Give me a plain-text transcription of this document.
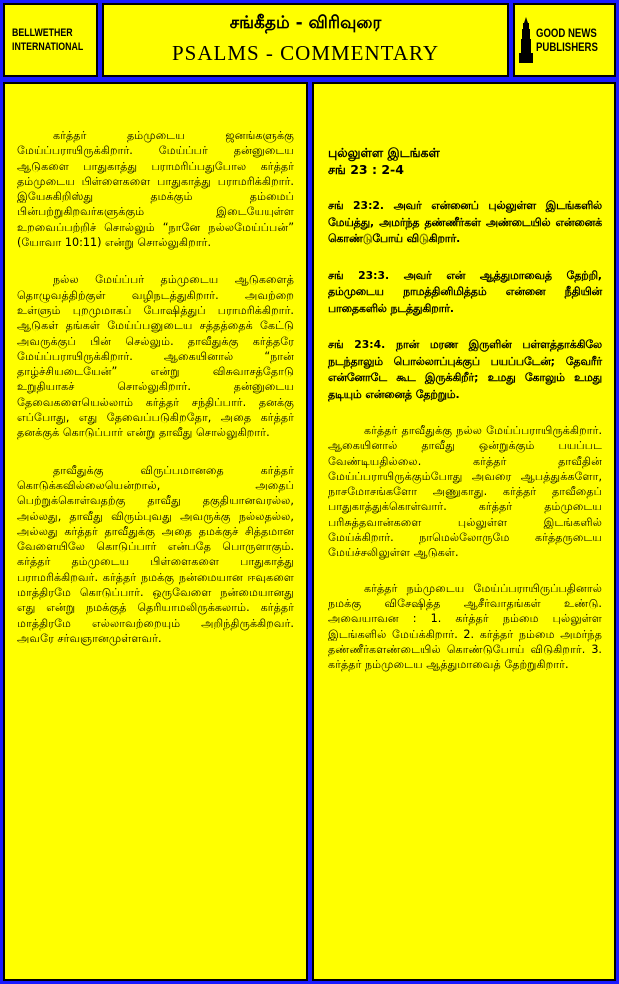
BELLWETHER
INTERNATIONAL
சங்கீதம் - விரிவுரை
PSALMS - COMMENTARY
GOOD NEWS
PUBLISHERS

கர்த்தர் தம்முடைய ஜனங்களுக்கு மேய்ப்பராயிருக்கிறார். மேய்ப்பர் தன்னுடைய ஆடுகளை பாதுகாத்து பராமரிப்பதுபோல கர்த்தர் தம்முடைய பிள்ளைகளை பாதுகாத்து பராமரிக்கிறார். இயேசுகிறிஸ்து தமக்கும் தம்மைப் பின்பற்றுகிறவர்களுக்கும் இடையேயுள்ள உறவைப்பற்றிச் சொல்லும் “நானே நல்லமேய்ப்பன்” (யோவா 10:11) என்று சொல்லுகிறார்.

நல்ல மேய்ப்பர் தம்முடைய ஆடுகளைத் தொழுவத்திற்குள் வழிநடத்துகிறார். அவற்றை உள்ளும் புறமுமாகப் போஷித்துப் பராமரிக்கிறார். ஆடுகள் தங்கள் மேய்ப்பனுடைய சத்தத்தைக் கேட்டு அவருக்குப் பின் செல்லும். தாவீதுக்கு கர்த்தரே மேய்ப்பராயிருக்கிறார். ஆகையினால் “நான் தாழ்ச்சியடையேன்” என்று விசுவாசத்தோடு உறுதியாகச் சொல்லுகிறார். தன்னுடைய தேவைகளையெல்லாம் கர்த்தர் சந்திப்பார். தனக்கு எப்போது, எது தேவைப்படுகிறதோ, அதை கர்த்தர் தனக்குக் கொடுப்பார் என்று தாவீது சொல்லுகிறார்.

தாவீதுக்கு விருப்பமானதை கர்த்தர் கொடுக்கவில்லையென்றால், அதைப் பெற்றுக்கொள்வதற்கு தாவீது தகுதியானவரல்ல, அல்லது, தாவீது விரும்புவது அவருக்கு நல்லதல்ல, அல்லது கர்த்தர் தாவீதுக்கு அதை தமக்குச் சித்தமான வேளையிலே கொடுப்பார் என்பதே பொருளாகும். கர்த்தர் தம்முடைய பிள்ளைகளை பாதுகாத்து பராமரிக்கிறவர். கர்த்தர் நமக்கு நன்மையான ஈவுகளை மாத்திரமே கொடுப்பார். ஒருவேளை நன்மையானது எது என்று நமக்குத் தெரியாமலிருக்கலாம். கர்த்தர் மாத்திரமே எல்லாவற்றையும் அறிந்திருக்கிறவர். அவரே சர்வஞானமுள்ளவர்.

புல்லுள்ள இடங்கள்
சங் 23 : 2-4

சங் 23:2. அவர் என்னைப் புல்லுள்ள இடங்களில் மேய்த்து, அமர்ந்த தண்ணீர்கள் அண்டையில் என்னைக் கொண்டுபோய் விடுகிறார்.

சங் 23:3. அவர் என் ஆத்துமாவைத் தேற்றி, தம்முடைய நாமத்தினிமித்தம் என்னை நீதியின் பாதைகளில் நடத்துகிறார்.

சங் 23:4. நான் மரண இருளின் பள்ளத்தாக்கிலே நடந்தாலும் பொல்லாப்புக்குப் பயப்படேன்; தேவரீர் என்னோடே கூட இருக்கிறீர்; உமது கோலும் உமது தடியும் என்னைத் தேற்றும்.

கர்த்தர் தாவீதுக்கு நல்ல மேய்ப்பராயிருக்கிறார். ஆகையினால் தாவீது ஒன்றுக்கும் பயப்பட வேண்டியதில்லை. கர்த்தர் தாவீதின் மேய்ப்பராயிருக்கும்போது அவரை ஆபத்துக்களோ, நாசமோசங்களோ அணுகாது. கர்த்தர் தாவீதைப் பாதுகாத்துக்கொள்வார். கர்த்தர் தம்முடைய பரிசுத்தவான்களை புல்லுள்ள இடங்களில் மேய்க்கிறார். நாமெல்லோருமே கர்த்தருடைய மேய்ச்சலிலுள்ள ஆடுகள்.

கர்த்தர் நம்முடைய மேய்ப்பராயிருப்பதினால் நமக்கு விசேஷித்த ஆசீர்வாதங்கள் உண்டு. அவையாவன : 1. கர்த்தர் நம்மை புல்லுள்ள இடங்களில் மேய்க்கிறார். 2. கர்த்தர் நம்மை அமர்ந்த தண்ணீர்களண்டையில் கொண்டுபோய் விடுகிறார். 3. கர்த்தர் நம்முடைய ஆத்துமாவைத் தேற்றுகிறார்.
